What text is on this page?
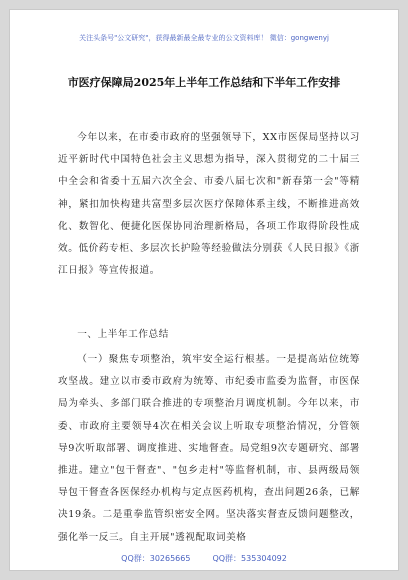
关注头条号"公文研究"，获得最新最全最专业的公文资料库！ 微信：gongwenyj
市医疗保障局2025年上半年工作总结和下半年工作安排

今年以来，在市委市政府的坚强领导下，XX市医保局坚持以习近平新时代中国特色社会主义思想为指导，深入贯彻党的二十届三中全会和省委十五届六次全会、市委八届七次和"新春第一会"等精神，紧扣加快构建共富型多层次医疗保障体系主线，不断推进高效化、数智化、便捷化医保协同治理新格局，各项工作取得阶段性成效。低价药专柜、多层次长护险等经验做法分别获《人民日报》《浙江日报》等宣传报道。

一、上半年工作总结

（一）聚焦专项整治，筑牢安全运行根基。一是提高站位统筹攻坚战。建立以市委市政府为统筹、市纪委市监委为监督，市医保局为牵头、多部门联合推进的专项整治月调度机制。今年以来，市委、市政府主要领导4次在相关会议上听取专项整治情况，分管领导9次听取部署、调度推进、实地督查。局党组9次专题研究、部署推进。建立"包干督查"、"包乡走村"等监督机制，市、县两级局领导包干督查各医保经办机构与定点医药机构，查出问题26条，已解决19条。二是重拳监管织密安全网。坚决落实督查反馈问题整改，强化举一反三。自主开展"透视配取词美格

QQ群：30265665	QQ群：535304092
